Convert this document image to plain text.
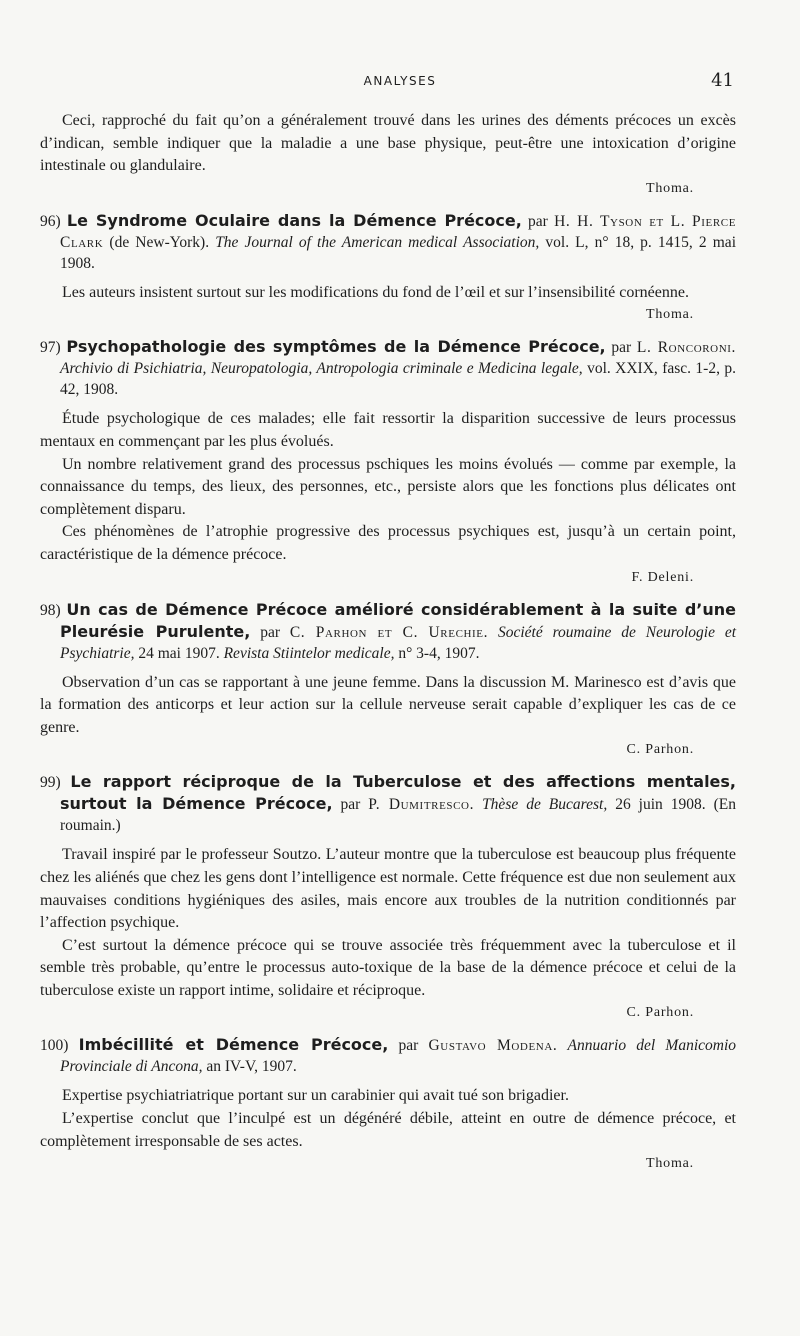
ANALYSES	41

Ceci, rapproché du fait qu’on a généralement trouvé dans les urines des déments précoces un excès d’indican, semble indiquer que la maladie a une base physique, peut-être une intoxication d’origine intestinale ou glandulaire.

Thoma.
96) Le Syndrome Oculaire dans la Démence Précoce, par H. H. Tyson et L. Pierce Clark (de New-York). The Journal of the American medical Association, vol. L, n° 18, p. 1415, 2 mai 1908.

Les auteurs insistent surtout sur les modifications du fond de l’œil et sur l’insensibilité cornéenne.

Thoma.
97) Psychopathologie des symptômes de la Démence Précoce, par L. Roncoroni. Archivio di Psichiatria, Neuropatologia, Antropologia criminale e Medicina legale, vol. XXIX, fasc. 1-2, p. 42, 1908.

Étude psychologique de ces malades; elle fait ressortir la disparition successive de leurs processus mentaux en commençant par les plus évolués.

Un nombre relativement grand des processus pschiques les moins évolués — comme par exemple, la connaissance du temps, des lieux, des personnes, etc., persiste alors que les fonctions plus délicates ont complètement disparu.

Ces phénomènes de l’atrophie progressive des processus psychiques est, jusqu’à un certain point, caractéristique de la démence précoce.

F. Deleni.
98) Un cas de Démence Précoce amélioré considérablement à la suite d’une Pleurésie Purulente, par C. Parhon et C. Urechie. Société roumaine de Neurologie et Psychiatrie, 24 mai 1907. Revista Stiintelor medicale, n° 3-4, 1907.

Observation d’un cas se rapportant à une jeune femme. Dans la discussion M. Marinesco est d’avis que la formation des anticorps et leur action sur la cellule nerveuse serait capable d’expliquer les cas de ce genre.

C. Parhon.
99) Le rapport réciproque de la Tuberculose et des affections mentales, surtout la Démence Précoce, par P. Dumitresco. Thèse de Bucarest, 26 juin 1908. (En roumain.)

Travail inspiré par le professeur Soutzo. L’auteur montre que la tuberculose est beaucoup plus fréquente chez les aliénés que chez les gens dont l’intelligence est normale. Cette fréquence est due non seulement aux mauvaises conditions hygiéniques des asiles, mais encore aux troubles de la nutrition conditionnés par l’affection psychique.

C’est surtout la démence précoce qui se trouve associée très fréquemment avec la tuberculose et il semble très probable, qu’entre le processus auto-toxique de la base de la démence précoce et celui de la tuberculose existe un rapport intime, solidaire et réciproque.

C. Parhon.
100) Imbécillité et Démence Précoce, par Gustavo Modena. Annuario del Manicomio Provinciale di Ancona, an IV-V, 1907.

Expertise psychiatriatrique portant sur un carabinier qui avait tué son brigadier.

L’expertise conclut que l’inculpé est un dégénéré débile, atteint en outre de démence précoce, et complètement irresponsable de ses actes.

Thoma.
